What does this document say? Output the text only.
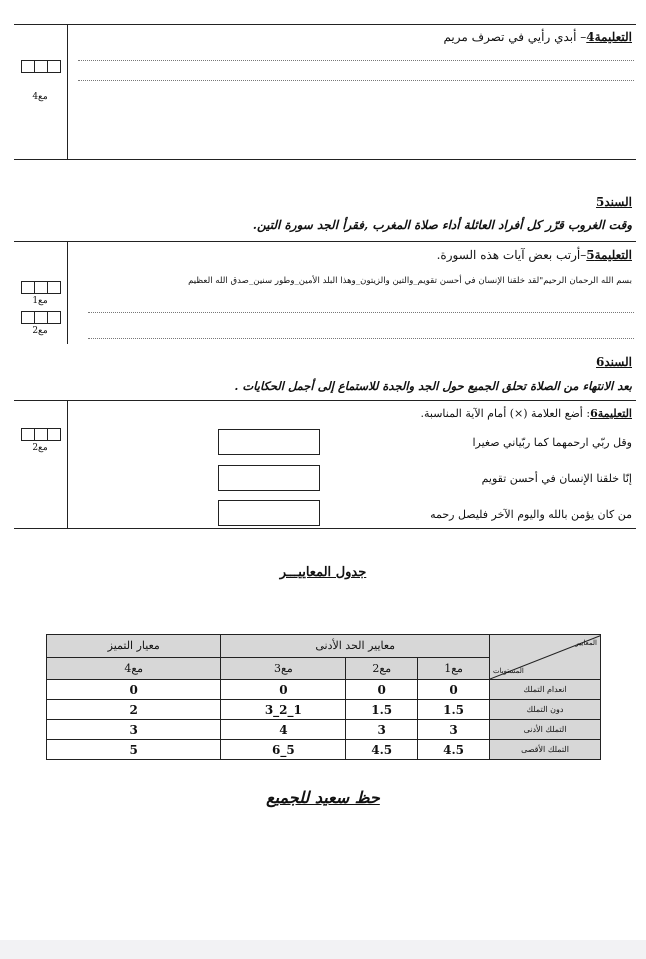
التعليمة4– أبدي رأيي في تصرف مريم
4مع
السند5
وقت الغروب قرّر كل أفراد العائلة أداء صلاة المغرب ,فقرأ الجد سورة التين.
التعليمة5–أرتب بعض آيات هذه السورة.
بسم الله الرحمان الرحيم"لقد خلقنا الإنسان في أحسن تقويم_والتين والزيتون_وهذا البلد الأمين_وطور سنين_صدق الله العظيم
1مع
2مع
السند6
بعد الانتهاء من الصلاة تحلق الجميع حول الجد والجدة للاستماع إلى أجمل الحكايات .
التعليمة6: أضع العلامة (×) أمام الآية المناسبة.
2مع	وقل ربّي ارحمهما كما ربّياني صغيرا
إنّا خلقنا الإنسان في أحسن تقويم
من كان يؤمن بالله واليوم الآخر فليصل رحمه
جدول المعاييـــر
معيار التميز	معايير الحد الأدنى			المعايير
المستويات

4مع	3مع	2مع	1مع	
0	0	0	0	انعدام التملك
2	3_2_1	1.5	1.5	دون التملك
3	4	3	3	التملك الأدنى
5	6_5	4.5	4.5	التملك الأقصى
حظ سعيد للجميع
